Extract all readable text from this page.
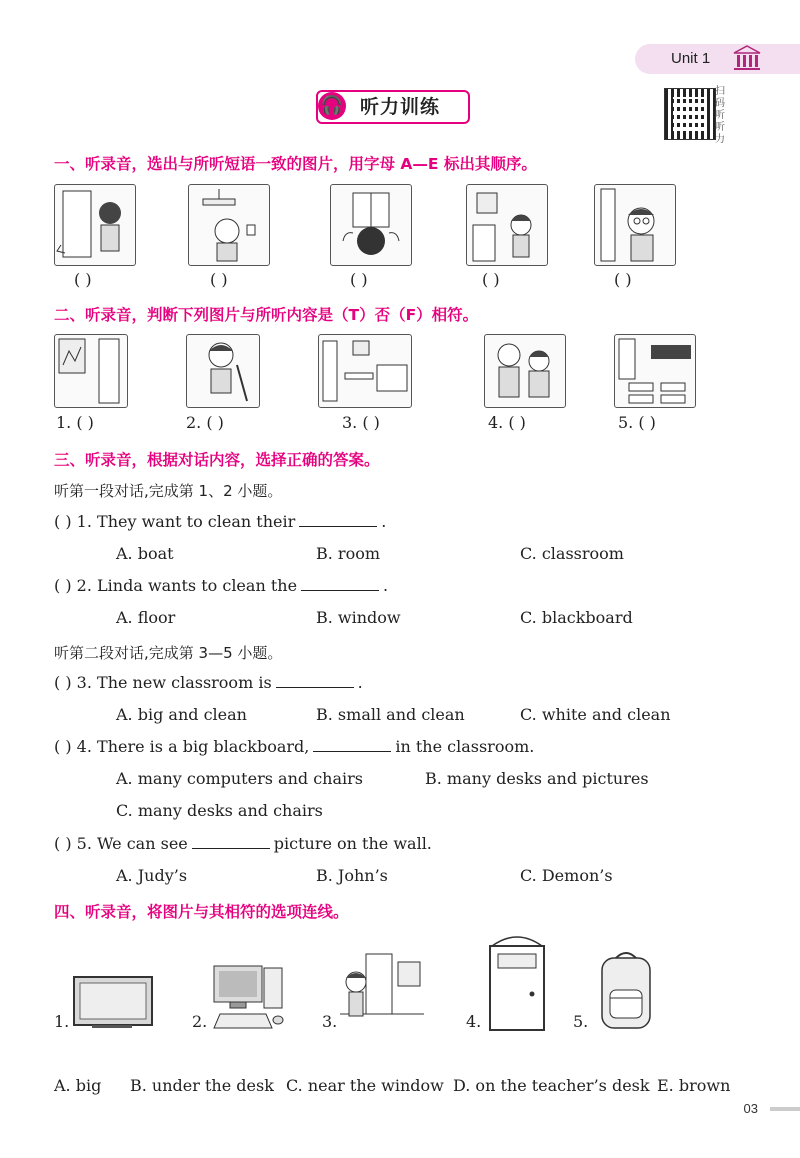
Unit 1
🎧 听力训练
扫码听听力
一、听录音，选出与所听短语一致的图片，用字母 A—E 标出其顺序。
( )	( )	( )	( )	( )
二、听录音，判断下列图片与所听内容是（T）否（F）相符。
1. ( )	2. ( )	3. ( )	4. ( )	5. ( )
三、听录音，根据对话内容，选择正确的答案。
听第一段对话,完成第 1、2 小题。
( ) 1. They want to clean their	.
A. boat	B. room	C. classroom
( ) 2. Linda wants to clean the	.
A. floor	B. window	C. blackboard
听第二段对话,完成第 3—5 小题。
( ) 3. The new classroom is	.
A. big and clean	B. small and clean	C. white and clean
( ) 4. There is a big blackboard,	in the classroom.
A. many computers and chairs	B. many desks and pictures
C. many desks and chairs
( ) 5. We can see	picture on the wall.
A. Judy’s	B. John’s	C. Demon’s
四、听录音，将图片与其相符的选项连线。
1.	2.	3.	4.	5.
A. big B. under the desk C. near the window D. on the teacher’s desk E. brown
03
